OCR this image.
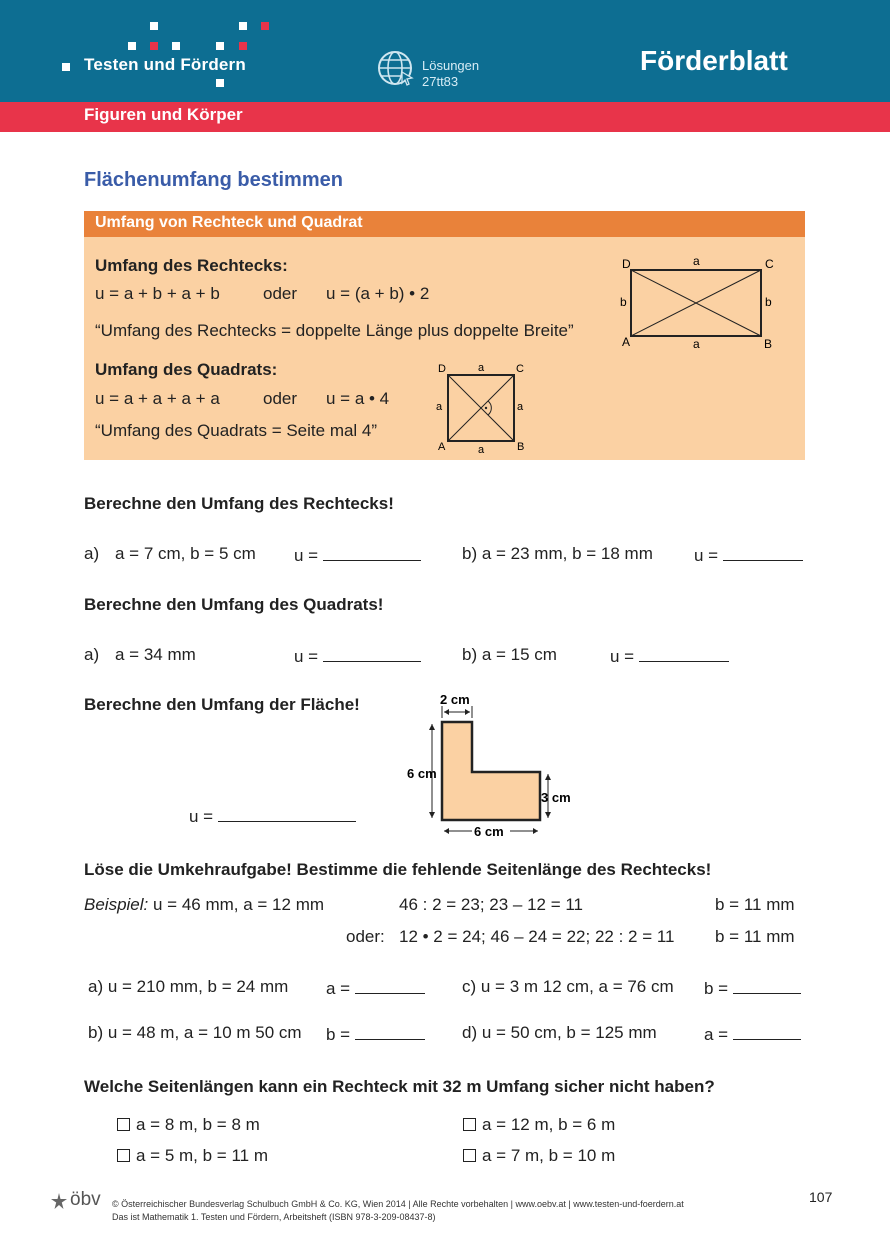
Testen und Fördern	Lösungen
27tt83
Förderblatt
Figuren und Körper
Flächenumfang bestimmen
Umfang von Rechteck und Quadrat
Umfang des Rechtecks:
u = a + b + a + b	oder u = (a + b) • 2
“Umfang des Rechtecks = doppelte Länge plus doppelte Breite”
Umfang des Quadrats:
u = a + a + a + a	oder u = a • 4
“Umfang des Quadrats = Seite mal 4”
D	C
A	B
a
a
b	b
D	C
A	B
a
a
a	a
Berechne den Umfang des Rechtecks!
a) a = 7 cm, b = 5 cm u =	b) a = 23 mm, b = 18 mm u =
Berechne den Umfang des Quadrats!
a) a = 34 mm	u =	b) a = 15 cm	u =
Berechne den Umfang der Fläche!
u =
2 cm
6 cm
3 cm
6 cm
Löse die Umkehraufgabe! Bestimme die fehlende Seitenlänge des Rechtecks!
Beispiel: u = 46 mm, a = 12 mm	46 : 2 = 23; 23 – 12 = 11	b = 11 mm
oder: 12 • 2 = 24; 46 – 24 = 22; 22 : 2 = 11 b = 11 mm
a) u = 210 mm, b = 24 mm a =	c) u = 3 m 12 cm, a = 76 cm b =
b) u = 48 m, a = 10 m 50 cm b =	d) u = 50 cm, b = 125 mm	a =
Welche Seitenlängen kann ein Rechteck mit 32 m Umfang sicher nicht haben?
a = 8 m, b = 8 m	a = 12 m, b = 6 m
a = 5 m, b = 11 m	a = 7 m, b = 10 m
öbv © Österreichischer Bundesverlag Schulbuch GmbH & Co. KG, Wien 2014 | Alle Rechte vorbehalten | www.oebv.at | www.testen-und-foerdern.at
Das ist Mathematik 1. Testen und Fördern, Arbeitsheft (ISBN 978-3-209-08437-8)
107
